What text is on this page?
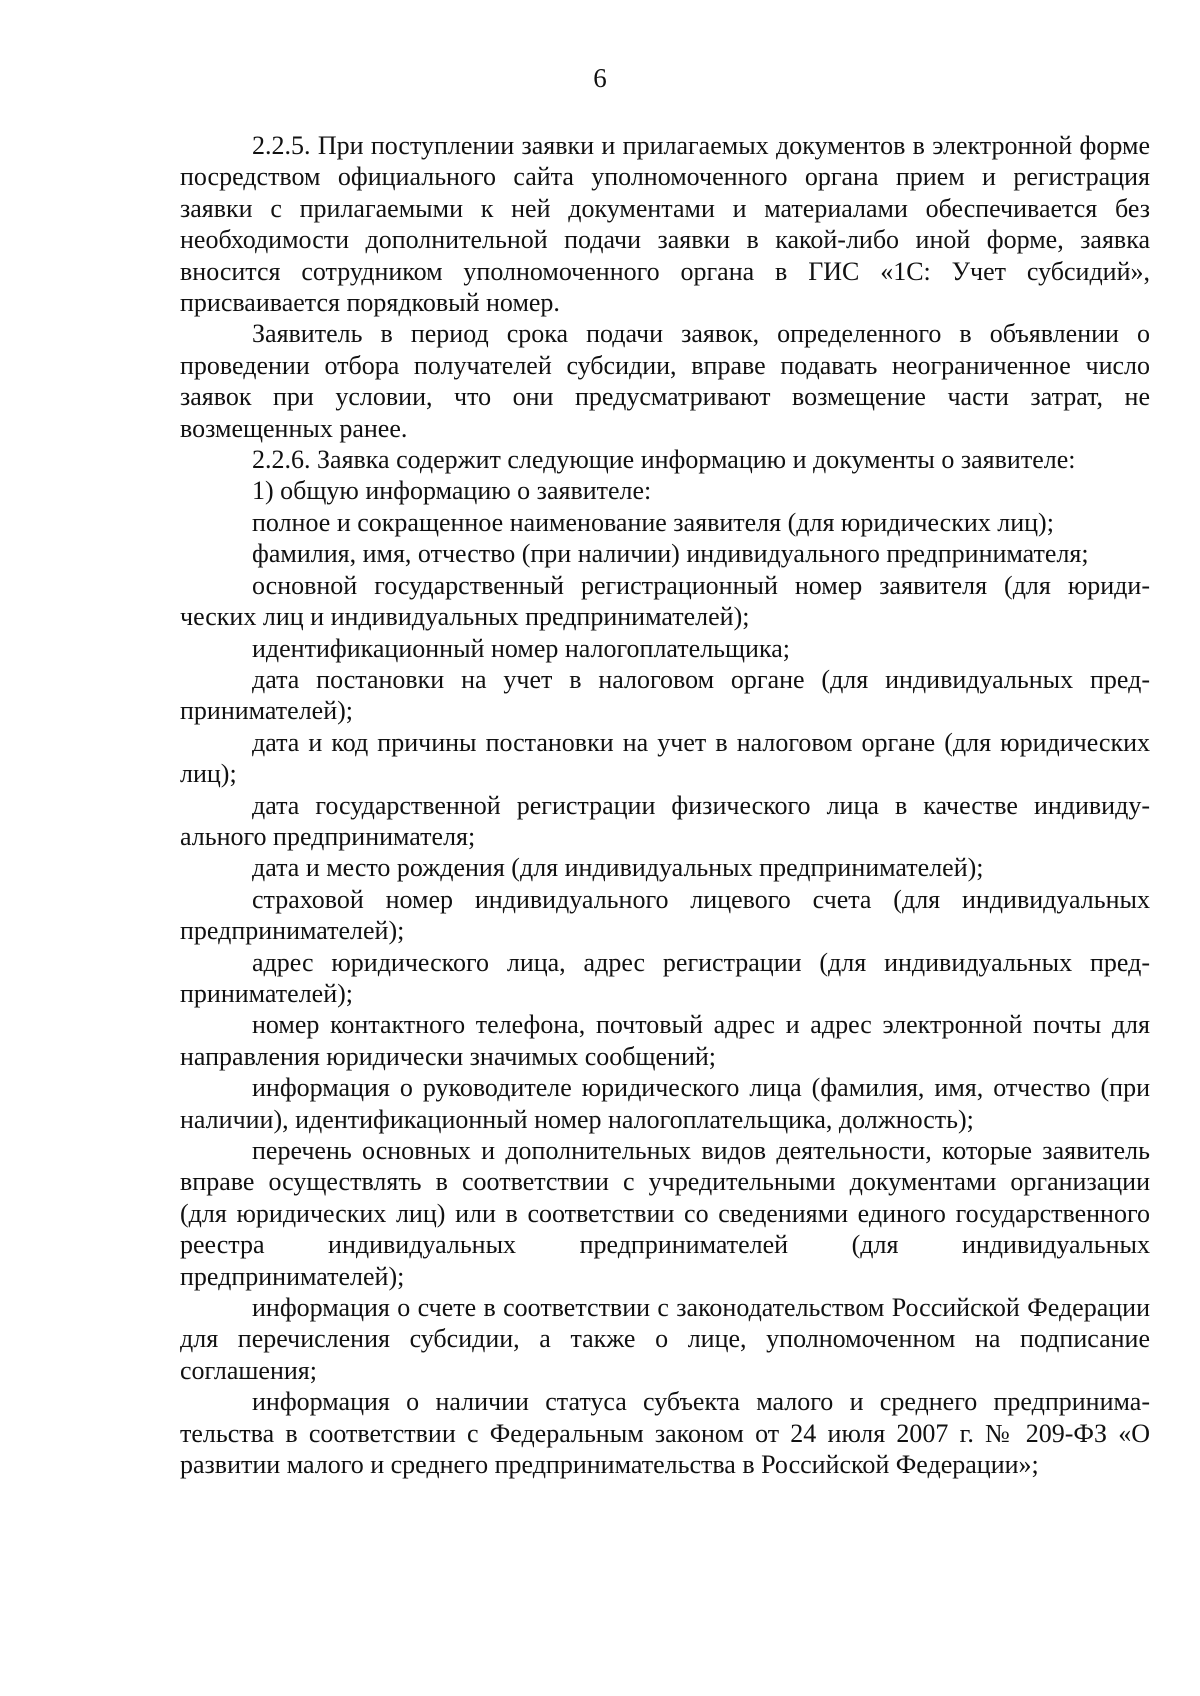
6

2.2.5. При поступлении заявки и прилагаемых документов в электронной форме посредством официального сайта уполномоченного органа прием и регистрация заявки с прилагаемыми к ней документами и материалами обеспечивается без необходимости дополнительной подачи заявки в какой-либо иной форме, заявка вносится сотрудником уполномоченного органа в ГИС «1С: Учет субсидий», присваивается порядковый номер.

Заявитель в период срока подачи заявок, определенного в объявлении о проведении отбора получателей субсидии, вправе подавать неограниченное число заявок при условии, что они предусматривают возмещение части затрат, не возмещенных ранее.

2.2.6. Заявка содержит следующие информацию и документы о заявителе:

1) общую информацию о заявителе:

полное и сокращенное наименование заявителя (для юридических лиц);

фамилия, имя, отчество (при наличии) индивидуального предпринимателя;

основной государственный регистрационный номер заявителя (для юридических лиц и индивидуальных предпринимателей);

идентификационный номер налогоплательщика;

дата постановки на учет в налоговом органе (для индивидуальных предпринимателей);

дата и код причины постановки на учет в налоговом органе (для юридических лиц);

дата государственной регистрации физического лица в качестве индивидуального предпринимателя;

дата и место рождения (для индивидуальных предпринимателей);

страховой номер индивидуального лицевого счета (для индивидуальных предпринимателей);

адрес юридического лица, адрес регистрации (для индивидуальных предпринимателей);

номер контактного телефона, почтовый адрес и адрес электронной почты для направления юридически значимых сообщений;

информация о руководителе юридического лица (фамилия, имя, отчество (при наличии), идентификационный номер налогоплательщика, должность);

перечень основных и дополнительных видов деятельности, которые заявитель вправе осуществлять в соответствии с учредительными документами организации (для юридических лиц) или в соответствии со сведениями единого государственного реестра индивидуальных предпринимателей (для индивидуальных предпринимателей);

информация о счете в соответствии с законодательством Российской Федерации для перечисления субсидии, а также о лице, уполномоченном на подписание соглашения;

информация о наличии статуса субъекта малого и среднего предпринимательства в соответствии с Федеральным законом от 24 июля 2007 г. № 209-ФЗ «О развитии малого и среднего предпринимательства в Российской Федерации»;
